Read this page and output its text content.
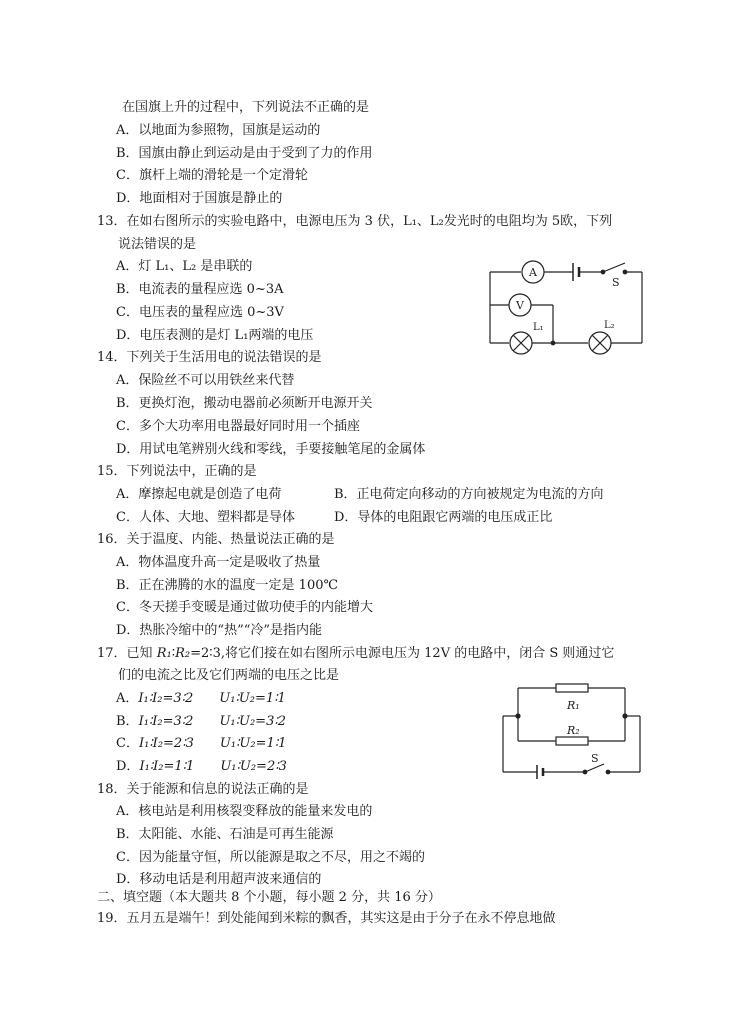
在国旗上升的过程中，下列说法不正确的是
A．以地面为参照物，国旗是运动的
B．国旗由静止到运动是由于受到了力的作用
C．旗杆上端的滑轮是一个定滑轮
D．地面相对于国旗是静止的
13．在如右图所示的实验电路中，电源电压为 3 伏，L₁、L₂发光时的电阻均为 5欧，下列
说法错误的是
A．灯 L₁、L₂ 是串联的
B．电流表的量程应选 0~3A
C．电压表的量程应选 0~3V
D．电压表测的是灯 L₁两端的电压
A
V
S
L₁	L₂
14．下列关于生活用电的说法错误的是
A．保险丝不可以用铁丝来代替
B．更换灯泡，搬动电器前必须断开电源开关
C．多个大功率用电器最好同时用一个插座
D．用试电笔辨别火线和零线，手要接触笔尾的金属体
15．下列说法中，正确的是
A．摩擦起电就是创造了电荷	B．正电荷定向移动的方向被规定为电流的方向
C．人体、大地、塑料都是导体	D．导体的电阻跟它两端的电压成正比
16．关于温度、内能、热量说法正确的是
A．物体温度升高一定是吸收了热量
B．正在沸腾的水的温度一定是 100℃
C．冬天搓手变暖是通过做功使手的内能增大
D．热胀冷缩中的“热”“冷”是指内能
17．已知 R₁∶R₂=2∶3,将它们接在如右图所示电源电压为 12V 的电路中，闭合 S 则通过它
们的电流之比及它们两端的电压之比是
A．I₁∶I₂=3∶2 U₁∶U₂=1∶1
B．I₁∶I₂=3∶2 U₁∶U₂=3∶2
C．I₁∶I₂=2∶3 U₁∶U₂=1∶1
D．I₁∶I₂=1∶1 U₁∶U₂=2∶3
R₁
R₂
S
18．关于能源和信息的说法正确的是
A．核电站是利用核裂变释放的能量来发电的
B．太阳能、水能、石油是可再生能源
C．因为能量守恒，所以能源是取之不尽，用之不竭的
D．移动电话是利用超声波来通信的
二、填空题（本大题共 8 个小题，每小题 2 分，共 16 分）
19．五月五是端午！到处能闻到米粽的飘香，其实这是由于分子在永不停息地做
